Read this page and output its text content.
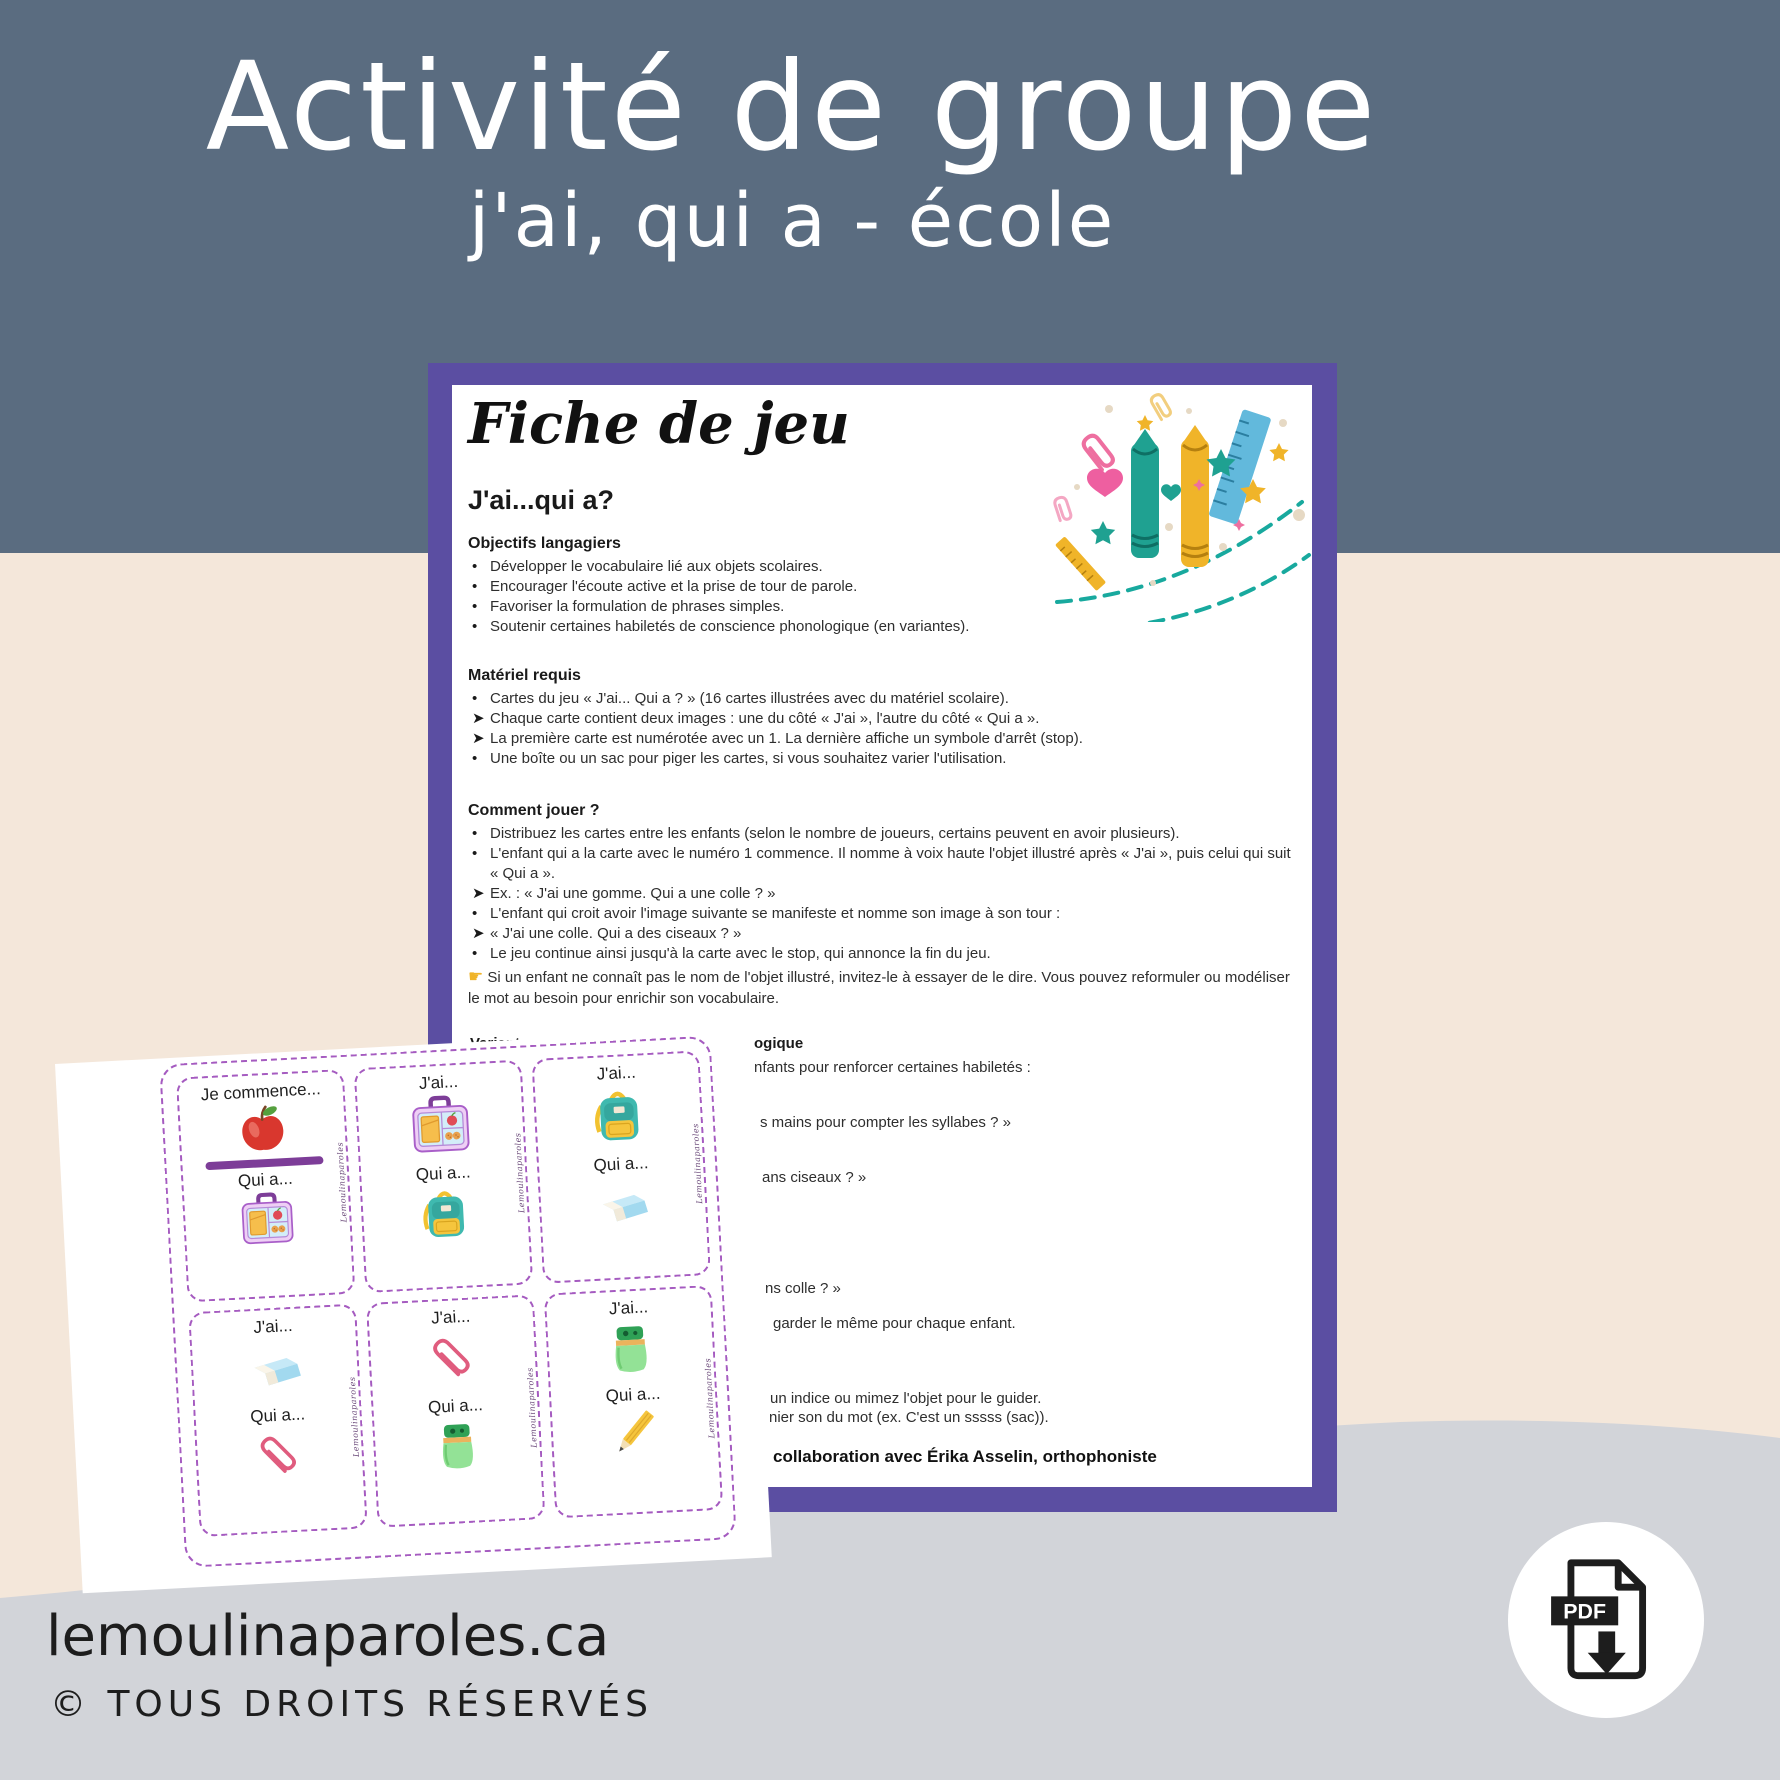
Activité de groupe
j'ai, qui a - école
Fiche de jeu
J'ai...qui a?
Objectifs langagiers
• Développer le vocabulaire lié aux objets scolaires.
• Encourager l'écoute active et la prise de tour de parole.
• Favoriser la formulation de phrases simples.
• Soutenir certaines habiletés de conscience phonologique (en variantes).
Matériel requis
• Cartes du jeu « J'ai... Qui a ? » (16 cartes illustrées avec du matériel scolaire).
➤ Chaque carte contient deux images : une du côté « J'ai », l'autre du côté « Qui a ».
➤ La première carte est numérotée avec un 1. La dernière affiche un symbole d'arrêt (stop).
• Une boîte ou un sac pour piger les cartes, si vous souhaitez varier l'utilisation.
Comment jouer ?
• Distribuez les cartes entre les enfants (selon le nombre de joueurs, certains peuvent en avoir plusieurs).
• L'enfant qui a la carte avec le numéro 1 commence. Il nomme à voix haute l'objet illustré après « J'ai », puis celui qui suit « Qui a ».
➤ Ex. : « J'ai une gomme. Qui a une colle ? »
• L'enfant qui croit avoir l'image suivante se manifeste et nomme son image à son tour :
➤ « J'ai une colle. Qui a des ciseaux ? »
• Le jeu continue ainsi jusqu'à la carte avec le stop, qui annonce la fin du jeu.
☛ Si un enfant ne connaît pas le nom de l'objet illustré, invitez-le à essayer de le dire. Vous pouvez reformuler ou modéliser le mot au besoin pour enrichir son vocabulaire.
ogique
nfants pour renforcer certaines habiletés :
s mains pour compter les syllabes ? »
ans ciseaux ? »
ns colle ? »
garder le même pour chaque enfant.
un indice ou mimez l'objet pour le guider.
nier son du mot (ex. C'est un sssss (sac)).
collaboration avec Érika Asselin, orthophoniste
Je commence...
Qui a...	Lemoulinaparoles
J'ai...
Qui a...	Lemoulinaparoles
J'ai...
Qui a...	Lemoulinaparoles
J'ai...
Qui a...	Lemoulinaparoles
J'ai...
Qui a...	Lemoulinaparoles
J'ai...
Qui a...	Lemoulinaparoles
lemoulinaparoles.ca
© TOUS DROITS RÉSERVÉS
PDF
